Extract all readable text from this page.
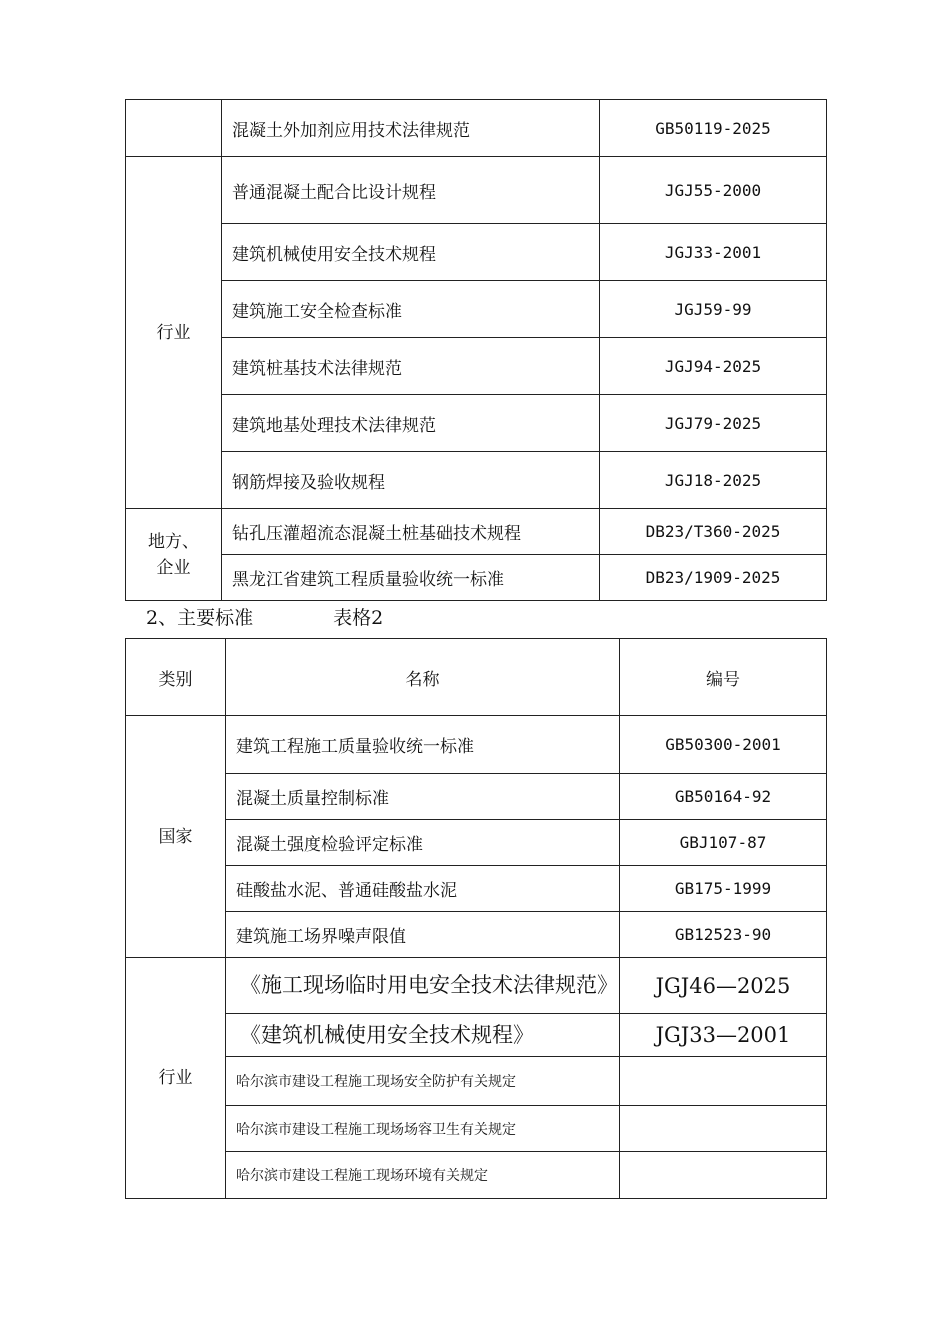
	混凝土外加剂应用技术法律规范	GB50119-2025
行业	普通混凝土配合比设计规程	JGJ55-2000
	建筑机械使用安全技术规程	JGJ33-2001
	建筑施工安全检查标准	JGJ59-99
	建筑桩基技术法律规范	JGJ94-2025
	建筑地基处理技术法律规范	JGJ79-2025
	钢筋焊接及验收规程	JGJ18-2025
地方、企业	钻孔压灌超流态混凝土桩基础技术规程	DB23/T360-2025
	黑龙江省建筑工程质量验收统一标准	DB23/1909-2025
2、主要标准	表格2
类别	名称	编号
国家	建筑工程施工质量验收统一标准	GB50300-2001
	混凝土质量控制标准	GB50164-92
	混凝土强度检验评定标准	GBJ107-87
	硅酸盐水泥、普通硅酸盐水泥	GB175-1999
	建筑施工场界噪声限值	GB12523-90
行业	《施工现场临时用电安全技术法律规范》	JGJ46—2025
	《建筑机械使用安全技术规程》	JGJ33—2001
	哈尔滨市建设工程施工现场安全防护有关规定	
	哈尔滨市建设工程施工现场场容卫生有关规定	
	哈尔滨市建设工程施工现场环境有关规定	
